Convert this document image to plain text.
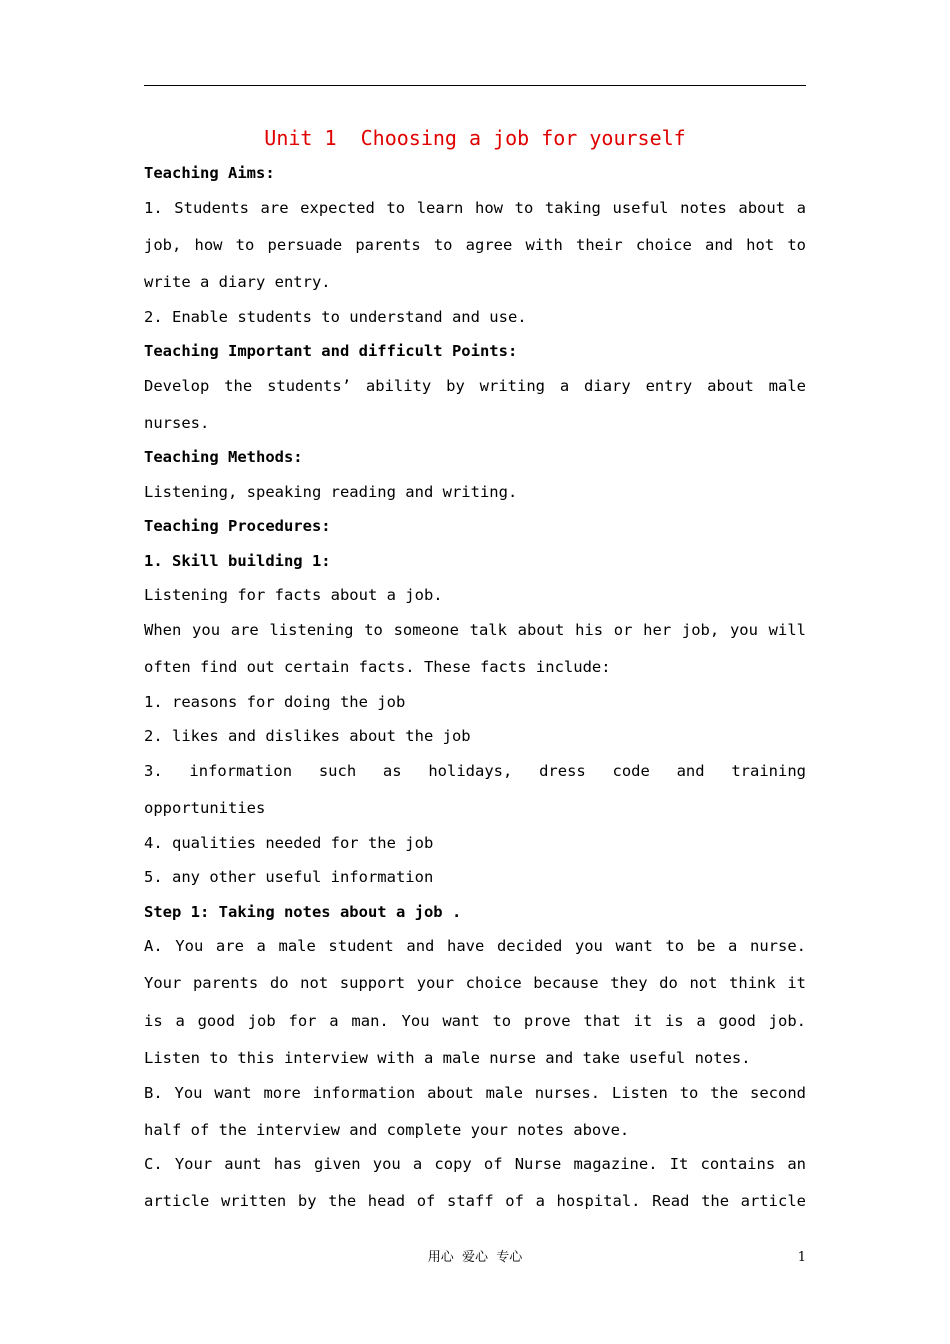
Unit 1  Choosing a job for yourself
Teaching Aims:
1. Students are expected to learn how to taking useful notes about a
job, how to persuade parents to agree with their choice and hot to
write a diary entry.
2. Enable students to understand and use.
Teaching Important and difficult Points:
Develop the students’ ability by writing a diary entry about male
nurses.
Teaching Methods:
Listening, speaking reading and writing.
Teaching Procedures:
1. Skill building 1:
Listening for facts about a job.
When you are listening to someone talk about his or her job, you will
often find out certain facts. These facts include:
1. reasons for doing the job
2. likes and dislikes about the job
3. information such as holidays, dress code and training
opportunities
4. qualities needed for the job
5. any other useful information
Step 1: Taking notes about a job .
A. You are a male student and have decided you want to be a nurse.
Your parents do not support your choice because they do not think it
is a good job for a man. You want to prove that it is a good job.
Listen to this interview with a male nurse and take useful notes.
B. You want more information about male nurses. Listen to the second
half of the interview and complete your notes above.
C. Your aunt has given you a copy of Nurse magazine. It contains an
article written by the head of staff of a hospital. Read the article
用心  爱心  专心	1
